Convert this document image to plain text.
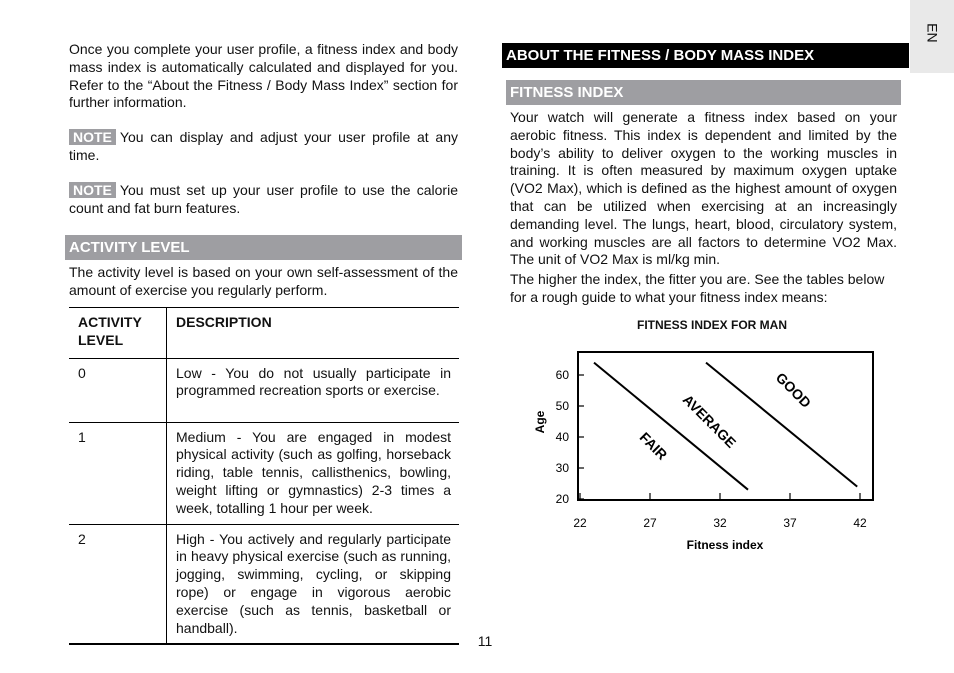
EN

Once you complete your user profile, a fitness index and body mass index is automatically calculated and displayed for you. Refer to the “About the Fitness / Body Mass Index” section for further information.

NOTE You can display and adjust your user profile at any time.

NOTE You must set up your user profile to use the calorie count and fat burn features.

ACTIVITY LEVEL

The activity level is based on your own self-assessment of the amount of exercise you regularly perform.

ACTIVITY LEVEL	DESCRIPTION
0	Low - You do not usually participate in programmed recreation sports or exercise.
1	Medium - You are engaged in modest physical activity (such as golfing, horseback riding, table tennis, callisthenics, bowling, weight lifting or gymnastics) 2-3 times a week, totalling 1 hour per week.
2	High - You actively and regularly participate in heavy physical exercise (such as running, jogging, swimming, cycling, or skipping rope) or engage in vigorous aerobic exercise (such as tennis, basketball or handball).
ABOUT THE FITNESS / BODY MASS INDEX
FITNESS INDEX

Your watch will generate a fitness index based on your aerobic fitness. This index is dependent and limited by the body’s ability to deliver oxygen to the working muscles in training. It is often measured by maximum oxygen uptake (VO2 Max), which is defined as the highest amount of oxygen that can be utilized when exercising at an increasingly demanding level. The lungs, heart, blood, circulatory system, and working muscles are all factors to determine VO2 Max. The unit of VO2 Max is ml/kg min.

The higher the index, the fitter you are. See the tables below for a rough guide to what your fitness index means:

FITNESS INDEX FOR MAN
22	27	32	37	42
20
30
40
50
60
FAIR AVERAGE
GOOD
Fitness index
Age
11
